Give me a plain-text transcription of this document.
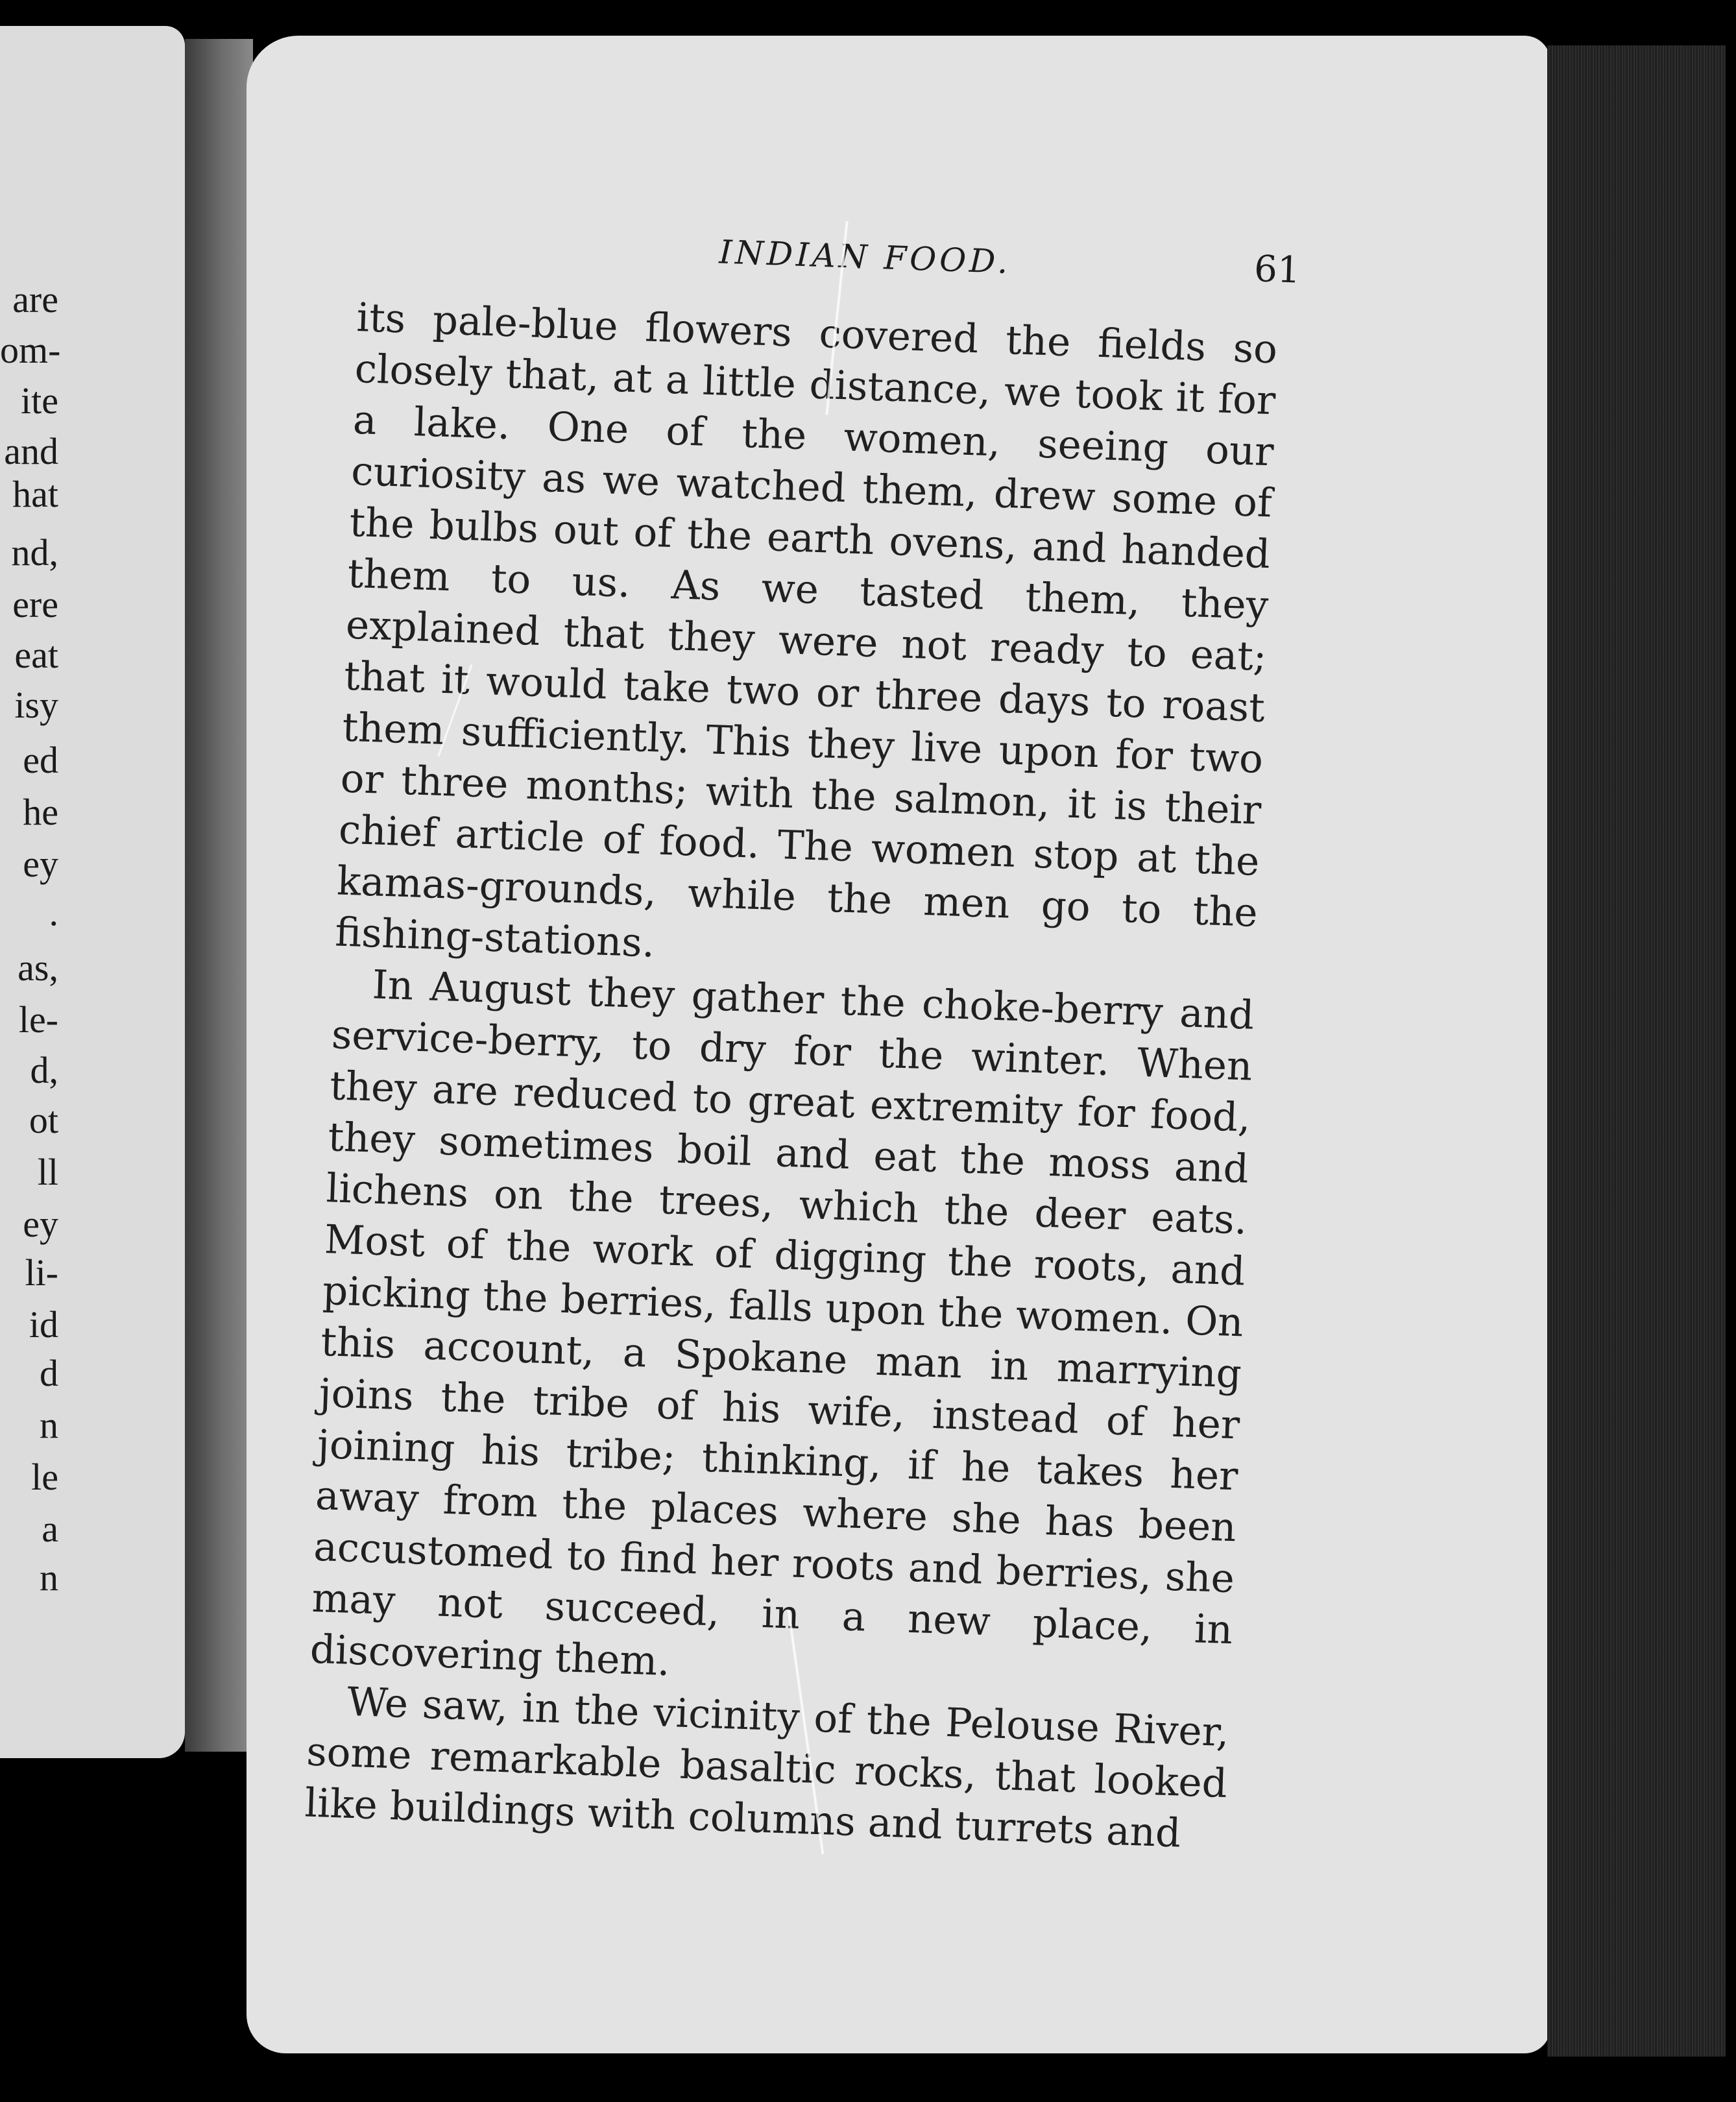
are
om-
ite
and
hat
nd,
ere
eat
isy
ed
he
ey
.
as,
le-
d,
ot
ll
ey
li-
id
d
n
le
a
n
INDIAN FOOD.	61

its pale-blue flowers covered the fields so closely that, at a little distance, we took it for a lake. One of the women, seeing our curiosity as we watched them, drew some of the bulbs out of the earth ovens, and handed them to us. As we tasted them, they explained that they were not ready to eat; that it would take two or three days to roast them sufficiently. This they live upon for two or three months; with the salmon, it is their chief article of food. The women stop at the kamas-grounds, while the men go to the fishing-stations.

In August they gather the choke-berry and service-berry, to dry for the winter. When they are reduced to great extremity for food, they sometimes boil and eat the moss and lichens on the trees, which the deer eats. Most of the work of digging the roots, and picking the berries, falls upon the women. On this account, a Spokane man in marrying joins the tribe of his wife, instead of her joining his tribe; thinking, if he takes her away from the places where she has been accustomed to find her roots and berries, she may not succeed, in a new place, in discovering them.

We saw, in the vicinity of the Pelouse River, some remarkable basaltic rocks, that looked like buildings with columns and turrets and
